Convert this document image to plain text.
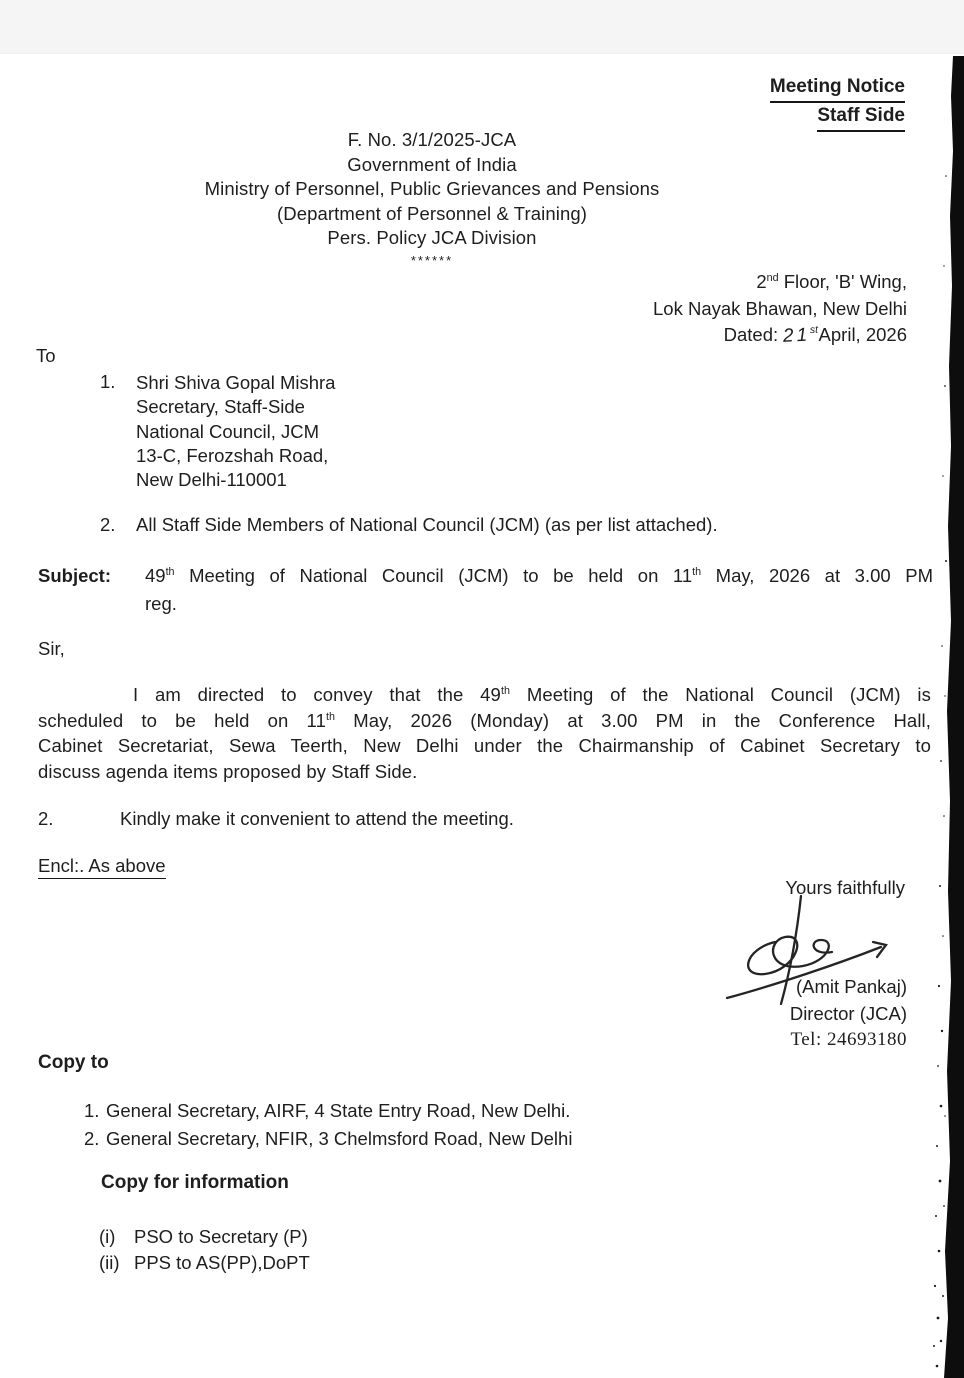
Meeting Notice
Staff Side
F. No. 3/1/2025-JCA
Government of India
Ministry of Personnel, Public Grievances and Pensions
(Department of Personnel & Training)
Pers. Policy JCA Division
******
2nd Floor, 'B' Wing,
Lok Nayak Bhawan, New Delhi
Dated: 21stApril, 2026
To
1. Shri Shiva Gopal Mishra
Secretary, Staff-Side
National Council, JCM
13-C, Ferozshah Road,
New Delhi-110001
2. All Staff Side Members of National Council (JCM) (as per list attached).
Subject: 49th Meeting of National Council (JCM) to be held on 11th May, 2026 at 3.00 PM
reg.
Sir,
I am directed to convey that the 49th Meeting of the National Council (JCM) is
scheduled to be held on 11th May, 2026 (Monday) at 3.00 PM in the Conference Hall,
Cabinet Secretariat, Sewa Teerth, New Delhi under the Chairmanship of Cabinet Secretary to
discuss agenda items proposed by Staff Side.
2.	Kindly make it convenient to attend the meeting.
Encl:. As above
Yours faithfully
(Amit Pankaj)
Director (JCA)
Tel: 24693180
Copy to
1. General Secretary, AIRF, 4 State Entry Road, New Delhi.
2. General Secretary, NFIR, 3 Chelmsford Road, New Delhi
Copy for information
(i) PSO to Secretary (P)
(ii) PPS to AS(PP),DoPT
